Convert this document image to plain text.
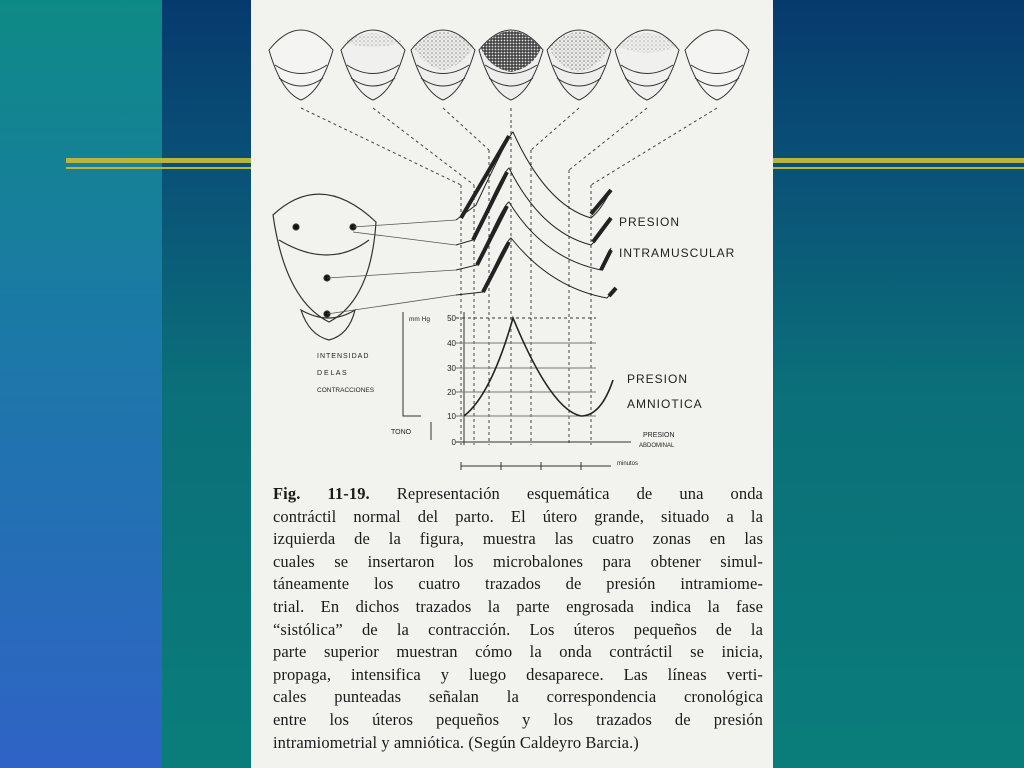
PRESION
INTRAMUSCULAR
PRESION
AMNIOTICA
PRESION
ABDOMINAL
INTENSIDAD
D E L A S
CONTRACCIONES
TONO
mm Hg
minutos
50
40
30
20
10
0
Fig. 11-19. Representación esquemática de una onda
contráctil normal del parto. El útero grande, situado a la
izquierda de la figura, muestra las cuatro zonas en las
cuales se insertaron los microbalones para obtener simul-
táneamente los cuatro trazados de presión intramiome-
trial. En dichos trazados la parte engrosada indica la fase
“sistólica” de la contracción. Los úteros pequeños de la
parte superior muestran cómo la onda contráctil se inicia,
propaga, intensifica y luego desaparece. Las líneas verti-
cales punteadas señalan la correspondencia cronológica
entre los úteros pequeños y los trazados de presión
intramiometrial y amniótica. (Según Caldeyro Barcia.)
